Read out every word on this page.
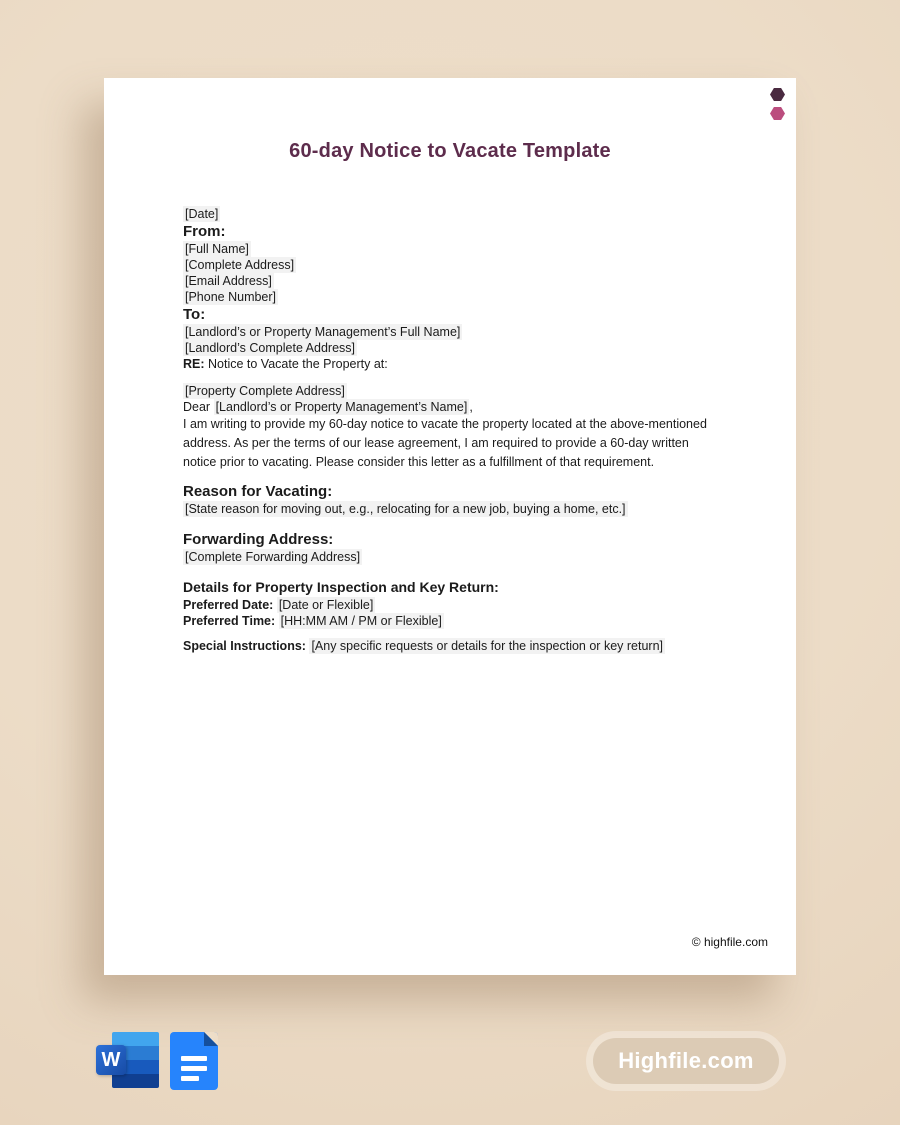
60-day Notice to Vacate Template

[Date]

From:

[Full Name]

[Complete Address]

[Email Address]

[Phone Number]

To:

[Landlord’s or Property Management’s Full Name]

[Landlord’s Complete Address]

RE: Notice to Vacate the Property at:

[Property Complete Address]

Dear [Landlord’s or Property Management’s Name] ,

I am writing to provide my 60-day notice to vacate the property located at the above-mentioned address. As per the terms of our lease agreement, I am required to provide a 60-day written notice prior to vacating. Please consider this letter as a fulfillment of that requirement.

Reason for Vacating:

[State reason for moving out, e.g., relocating for a new job, buying a home, etc.]

Forwarding Address:

[Complete Forwarding Address]

Details for Property Inspection and Key Return:

Preferred Date: [Date or Flexible]

Preferred Time: [HH:MM AM / PM or Flexible]

Special Instructions: [Any specific requests or details for the inspection or key return]

© highfile.com
W	Highfile.com
